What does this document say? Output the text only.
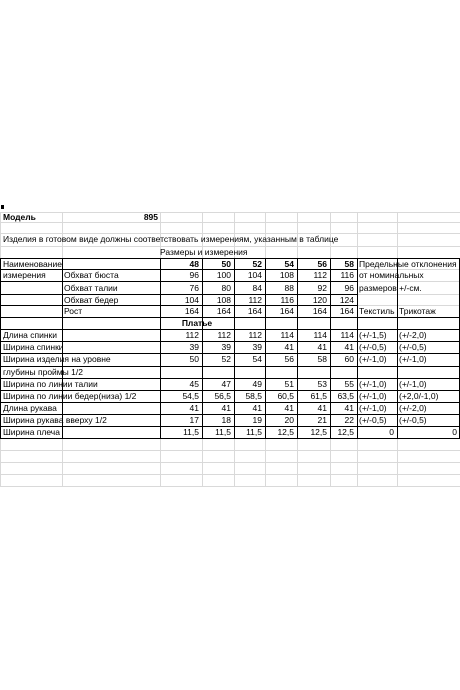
Модель	895
Изделия в готовом виде должны соответствовать измерениям, указанным в таблице
Размеры и измерения
Наименование
измерения
48	50	52	54	56	58 Предельные отклонения
от номинальных
размеров +/-см.
Обхват бюста	96	100	104	108	112	116
Обхват талии	76	80	84	88	92	96
Обхват бедер	104	108	112	116	120	124
Рост	164	164	164	164	164	164 Текстиль Трикотаж
Платье
Длина спинки	112	112	112	114	114	114 (+/-1,5) (+/-2,0)
Ширина спинки	39	39	39	41	41	41 (+/-0,5) (+/-0,5)
Ширина изделия на уровне	50	52	54	56	58	60 (+/-1,0) (+/-1,0)
глубины проймы 1/2
Ширина по линии талии	45	47	49	51	53	55 (+/-1,0) (+/-1,0)
Ширина по линии бедер(низа) 1/2	54,5	56,5	58,5	60,5	61,5	63,5 (+/-1,0) (+2,0/-1,0)
Длина рукава	41	41	41	41	41	41 (+/-1,0) (+/-2,0)
Ширина рукава вверху 1/2	17	18	19	20	21	22 (+/-0,5) (+/-0,5)
Ширина плеча	11,5	11,5	11,5	12,5	12,5	12,5	0	0
